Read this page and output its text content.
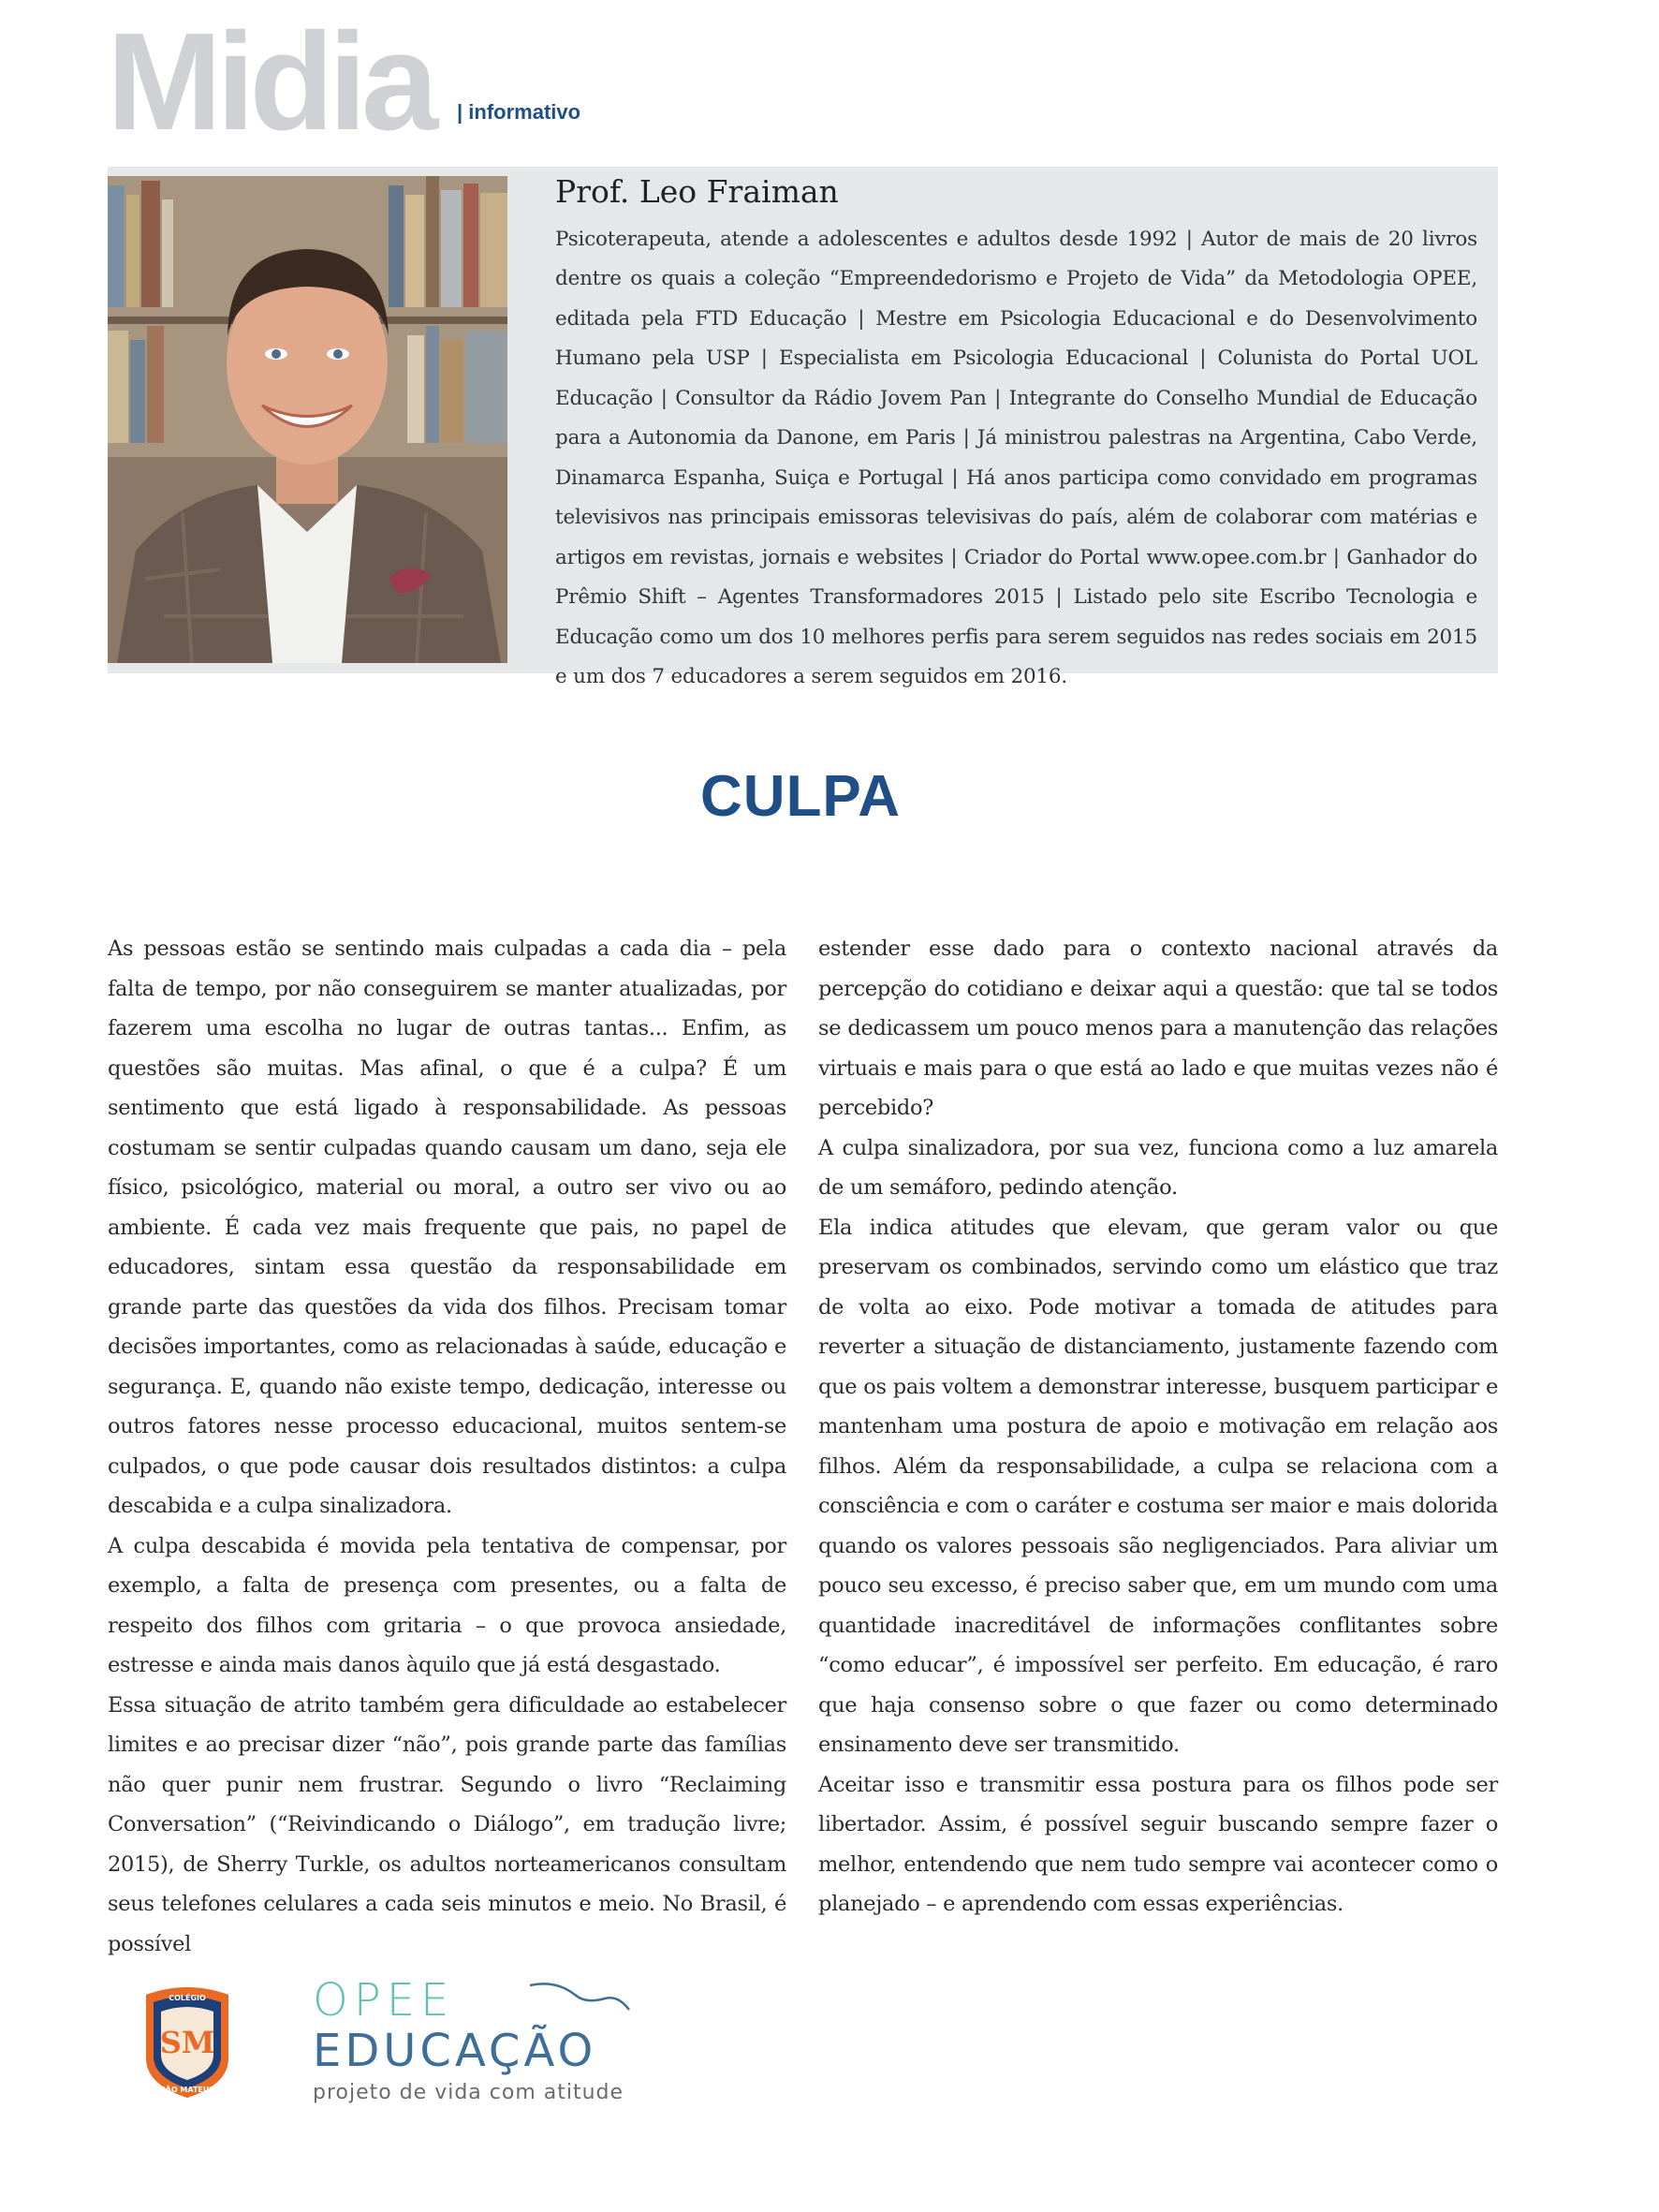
Midia	| informativo
Prof. Leo Fraiman

Psicoterapeuta, atende a adolescentes e adultos desde 1992 | Autor de mais de 20 livros dentre os quais a coleção “Empreendedorismo e Projeto de Vida” da Metodologia OPEE, editada pela FTD Educação | Mestre em Psicologia Educacional e do Desenvolvimento Humano pela USP | Especialista em Psicologia Educacional | Colunista do Portal UOL Educação | Consultor da Rádio Jovem Pan | Integrante do Conselho Mundial de Educação para a Autonomia da Danone, em Paris | Já ministrou palestras na Argentina, Cabo Verde, Dinamarca Espanha, Suiça e Portugal | Há anos participa como convidado em programas televisivos nas principais emissoras televisivas do país, além de colaborar com matérias e artigos em revistas, jornais e websites | Criador do Portal www.opee.com.br | Ganhador do Prêmio Shift – Agentes Transformadores 2015 | Listado pelo site Escribo Tecnologia e Educação como um dos 10 melhores perfis para serem seguidos nas redes sociais em 2015 e um dos 7 educadores a serem seguidos em 2016.

CULPA

As pessoas estão se sentindo mais culpadas a cada dia – pela falta de tempo, por não conseguirem se manter atualizadas, por fazerem uma escolha no lugar de outras tantas... Enfim, as questões são muitas. Mas afinal, o que é a culpa? É um sentimento que está ligado à responsabilidade. As pessoas costumam se sentir culpadas quando causam um dano, seja ele físico, psicológico, material ou moral, a outro ser vivo ou ao ambiente. É cada vez mais frequente que pais, no papel de educadores, sintam essa questão da responsabilidade em grande parte das questões da vida dos filhos. Precisam tomar decisões importantes, como as relacionadas à saúde, educação e segurança. E, quando não existe tempo, dedicação, interesse ou outros fatores nesse processo educacional, muitos sentem-se culpados, o que pode causar dois resultados distintos: a culpa descabida e a culpa sinalizadora.

A culpa descabida é movida pela tentativa de compensar, por exemplo, a falta de presença com presentes, ou a falta de respeito dos filhos com gritaria – o que provoca ansiedade, estresse e ainda mais danos àquilo que já está desgastado.

Essa situação de atrito também gera dificuldade ao estabelecer limites e ao precisar dizer “não”, pois grande parte das famílias não quer punir nem frustrar. Segundo o livro “Reclaiming Conversation” (“Reivindicando o Diálogo”, em tradução livre; 2015), de Sherry Turkle, os adultos norteamericanos consultam seus telefones celulares a cada seis minutos e meio. No Brasil, é possível

estender esse dado para o contexto nacional através da percepção do cotidiano e deixar aqui a questão: que tal se todos se dedicassem um pouco menos para a manutenção das relações virtuais e mais para o que está ao lado e que muitas vezes não é percebido?

A culpa sinalizadora, por sua vez, funciona como a luz amarela de um semáforo, pedindo atenção.

Ela indica atitudes que elevam, que geram valor ou que preservam os combinados, servindo como um elástico que traz de volta ao eixo. Pode motivar a tomada de atitudes para reverter a situação de distanciamento, justamente fazendo com que os pais voltem a demonstrar interesse, busquem participar e mantenham uma postura de apoio e motivação em relação aos filhos. Além da responsabilidade, a culpa se relaciona com a consciência e com o caráter e costuma ser maior e mais dolorida quando os valores pessoais são negligenciados. Para aliviar um pouco seu excesso, é preciso saber que, em um mundo com uma quantidade inacreditável de informações conflitantes sobre “como educar”, é impossível ser perfeito. Em educação, é raro que haja consenso sobre o que fazer ou como determinado ensinamento deve ser transmitido.

Aceitar isso e transmitir essa postura para os filhos pode ser libertador. Assim, é possível seguir buscando sempre fazer o melhor, entendendo que nem tudo sempre vai acontecer como o planejado – e aprendendo com essas experiências.

COLÉGIO
SM
SÃO MATEUS
OPEE
EDUCAÇÃO
projeto de vida com atitude
